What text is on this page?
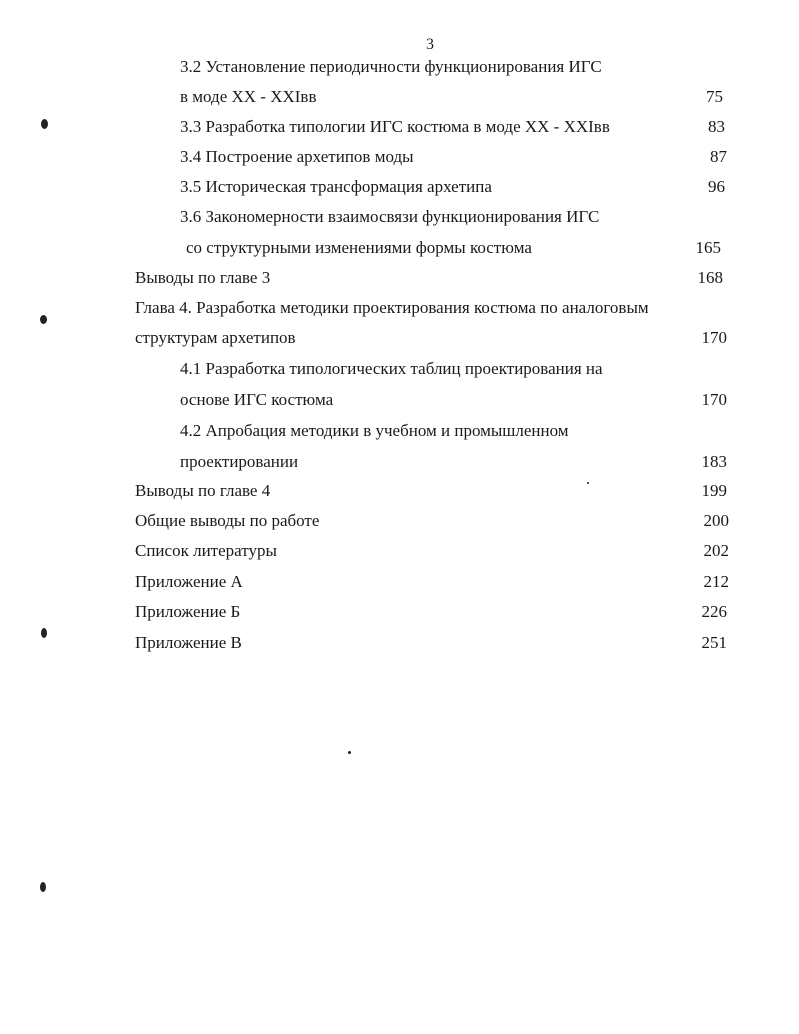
3
3.2 Установление периодичности функционирования ИГС
в моде XX - XXIвв	75
3.3 Разработка типологии ИГС костюма в моде XX - XXIвв	83
3.4 Построение архетипов моды	87
3.5 Историческая трансформация архетипа	96
3.6 Закономерности взаимосвязи функционирования ИГС
со структурными изменениями формы костюма	165
Выводы по главе 3	168
Глава 4. Разработка методики проектирования костюма по аналоговым
структурам архетипов	170
4.1 Разработка типологических таблиц проектирования на
основе ИГС костюма	170
4.2 Апробация методики в учебном и промышленном
проектировании	183
Выводы по главе 4	199
Общие выводы по работе	200
Список литературы	202
Приложение А	212
Приложение Б	226
Приложение В	251
